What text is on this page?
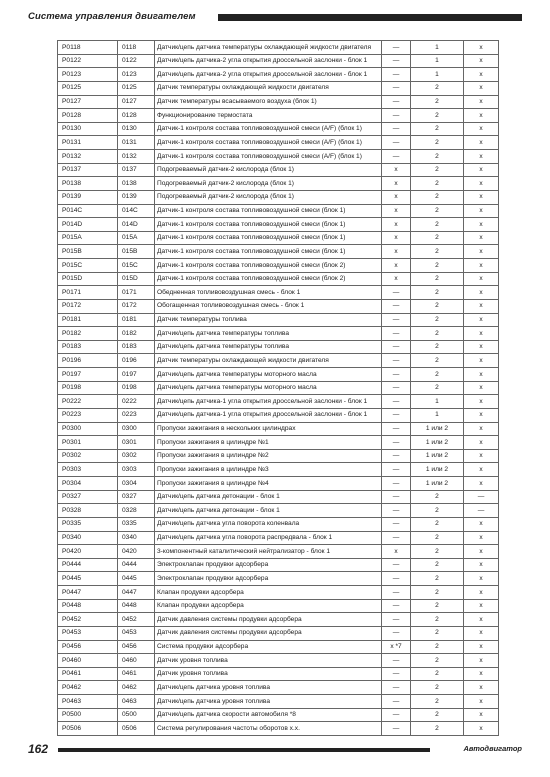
Система управления двигателем
P0118	0118	Датчик/цепь датчика температуры охлаждающей жидкости двигателя	—	1	x
P0122	0122	Датчик/цепь датчика-2 угла открытия дроссельной заслонки - блок 1	—	1	x
P0123	0123	Датчик/цепь датчика-2 угла открытия дроссельной заслонки - блок 1	—	1	x
P0125	0125	Датчик температуры охлаждающей жидкости двигателя	—	2	x
P0127	0127	Датчик температуры всасываемого воздуха (блок 1)	—	2	x
P0128	0128	Функционирование термостата	—	2	x
P0130	0130	Датчик-1 контроля состава топливовоздушной смеси (A/F) (блок 1)	—	2	x
P0131	0131	Датчик-1 контроля состава топливовоздушной смеси (A/F) (блок 1)	—	2	x
P0132	0132	Датчик-1 контроля состава топливовоздушной смеси (A/F) (блок 1)	—	2	x
P0137	0137	Подогреваемый датчик-2 кислорода (блок 1)	x	2	x
P0138	0138	Подогреваемый датчик-2 кислорода (блок 1)	x	2	x
P0139	0139	Подогреваемый датчик-2 кислорода (блок 1)	x	2	x
P014C	014C	Датчик-1 контроля состава топливовоздушной смеси (блок 1)	x	2	x
P014D	014D	Датчик-1 контроля состава топливовоздушной смеси (блок 1)	x	2	x
P015A	015A	Датчик-1 контроля состава топливовоздушной смеси (блок 1)	x	2	x
P015B	015B	Датчик-1 контроля состава топливовоздушной смеси (блок 1)	x	2	x
P015C	015C	Датчик-1 контроля состава топливовоздушной смеси (блок 2)	x	2	x
P015D	015D	Датчик-1 контроля состава топливовоздушной смеси (блок 2)	x	2	x
P0171	0171	Обедненная топливовоздушная смесь - блок 1	—	2	x
P0172	0172	Обогащенная топливовоздушная смесь - блок 1	—	2	x
P0181	0181	Датчик температуры топлива	—	2	x
P0182	0182	Датчик/цепь датчика температуры топлива	—	2	x
P0183	0183	Датчик/цепь датчика температуры топлива	—	2	x
P0196	0196	Датчик температуры охлаждающей жидкости двигателя	—	2	x
P0197	0197	Датчик/цепь датчика температуры моторного масла	—	2	x
P0198	0198	Датчик/цепь датчика температуры моторного масла	—	2	x
P0222	0222	Датчик/цепь датчика-1 угла открытия дроссельной заслонки - блок 1	—	1	x
P0223	0223	Датчик/цепь датчика-1 угла открытия дроссельной заслонки - блок 1	—	1	x
P0300	0300	Пропуски зажигания в нескольких цилиндрах	—	1 или 2	x
P0301	0301	Пропуски зажигания в цилиндре №1	—	1 или 2	x
P0302	0302	Пропуски зажигания в цилиндре №2	—	1 или 2	x
P0303	0303	Пропуски зажигания в цилиндре №3	—	1 или 2	x
P0304	0304	Пропуски зажигания в цилиндре №4	—	1 или 2	x
P0327	0327	Датчик/цепь датчика детонации - блок 1	—	2	—
P0328	0328	Датчик/цепь датчика детонации - блок 1	—	2	—
P0335	0335	Датчик/цепь датчика угла поворота коленвала	—	2	x
P0340	0340	Датчик/цепь датчика угла поворота распредвала - блок 1	—	2	x
P0420	0420	3-компонентный каталитический нейтрализатор - блок 1	x	2	x
P0444	0444	Электроклапан продувки адсорбера	—	2	x
P0445	0445	Электроклапан продувки адсорбера	—	2	x
P0447	0447	Клапан продувки адсорбера	—	2	x
P0448	0448	Клапан продувки адсорбера	—	2	x
P0452	0452	Датчик давления системы продувки адсорбера	—	2	x
P0453	0453	Датчик давления системы продувки адсорбера	—	2	x
P0456	0456	Система продувки адсорбера	x *7	2	x
P0460	0460	Датчик уровня топлива	—	2	x
P0461	0461	Датчик уровня топлива	—	2	x
P0462	0462	Датчик/цепь датчика уровня топлива	—	2	x
P0463	0463	Датчик/цепь датчика уровня топлива	—	2	x
P0500	0500	Датчик/цепь датчика скорости автомобиля *8	—	2	x
P0506	0506	Система регулирования частоты оборотов х.х.	—	2	x
162	Автодвигатор
